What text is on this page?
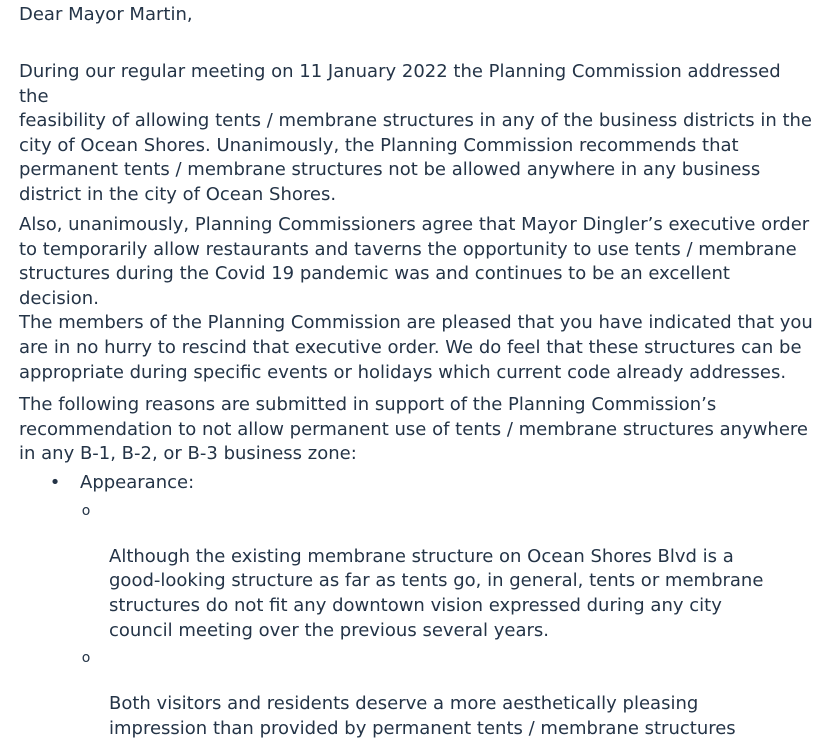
Dear Mayor Martin,

During our regular meeting on 11 January 2022 the Planning Commission addressed the
feasibility of allowing tents / membrane structures in any of the business districts in the
city of Ocean Shores. Unanimously, the Planning Commission recommends that
permanent tents / membrane structures not be allowed anywhere in any business
district in the city of Ocean Shores.

Also, unanimously, Planning Commissioners agree that Mayor Dingler’s executive order
to temporarily allow restaurants and taverns the opportunity to use tents / membrane
structures during the Covid 19 pandemic was and continues to be an excellent decision.
The members of the Planning Commission are pleased that you have indicated that you
are in no hurry to rescind that executive order. We do feel that these structures can be
appropriate during specific events or holidays which current code already addresses.

The following reasons are submitted in support of the Planning Commission’s
recommendation to not allow permanent use of tents / membrane structures anywhere
in any B-1, B-2, or B-3 business zone:

• Appearance:

o

Although the existing membrane structure on Ocean Shores Blvd is a
good-looking structure as far as tents go, in general, tents or membrane
structures do not fit any downtown vision expressed during any city
council meeting over the previous several years.

o

Both visitors and residents deserve a more aesthetically pleasing
impression than provided by permanent tents / membrane structures
